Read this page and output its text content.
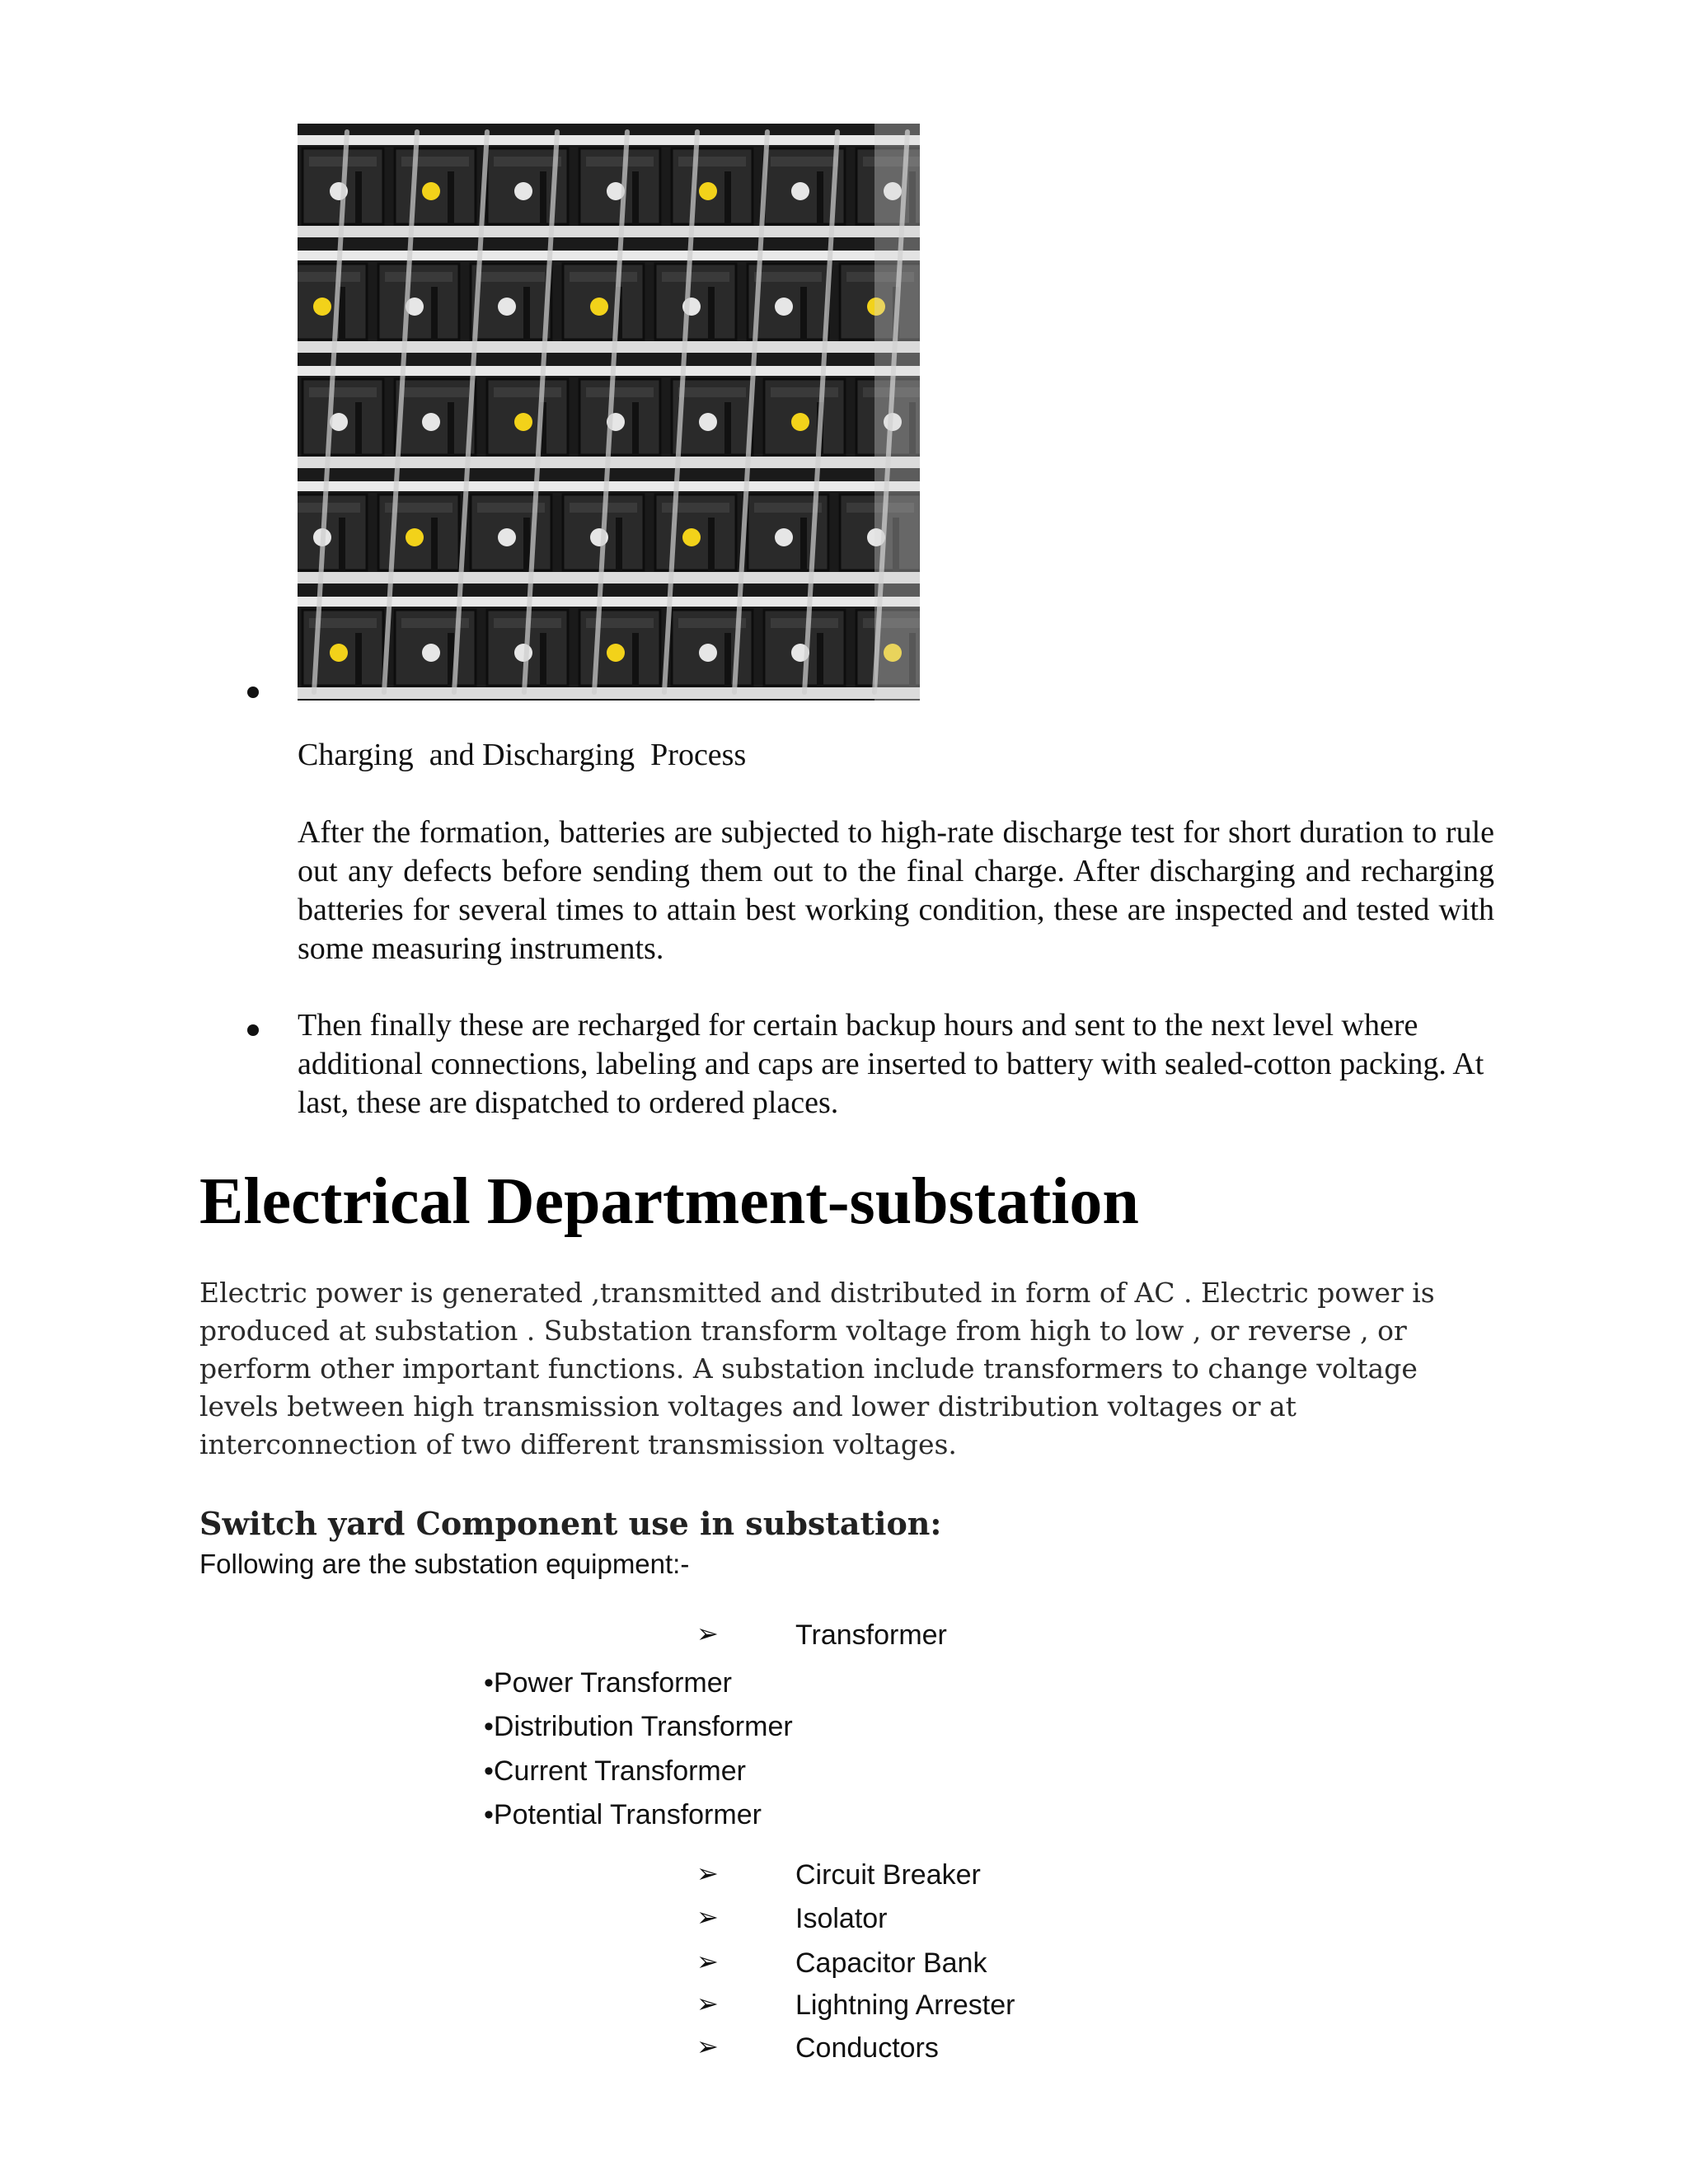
Charging  and Discharging  Process
After the formation, batteries are subjected to high-rate discharge test for short duration to rule out any defects before sending them out to the final charge. After discharging and recharging batteries for several times to attain best working condition, these are inspected and tested with some measuring instruments.
Then finally these are recharged for certain backup hours and sent to the next level where additional connections, labeling and caps are inserted to battery with sealed-cotton packing. At last, these are dispatched to ordered places.
Electrical Department-substation
Electric power is generated ,transmitted and distributed in form of AC . Electric power is produced at substation . Substation transform voltage from high to low , or reverse , or perform other important functions. A substation include transformers to change voltage levels between high transmission voltages and lower distribution voltages or at interconnection of two different transmission voltages.
Switch yard Component use in substation:
Following are the substation equipment:-
➢	Transformer
➢	Circuit Breaker
➢	Isolator
➢	Capacitor Bank
➢	Lightning Arrester
➢	Conductors
•Power Transformer
•Distribution Transformer
•Current Transformer
•Potential Transformer
